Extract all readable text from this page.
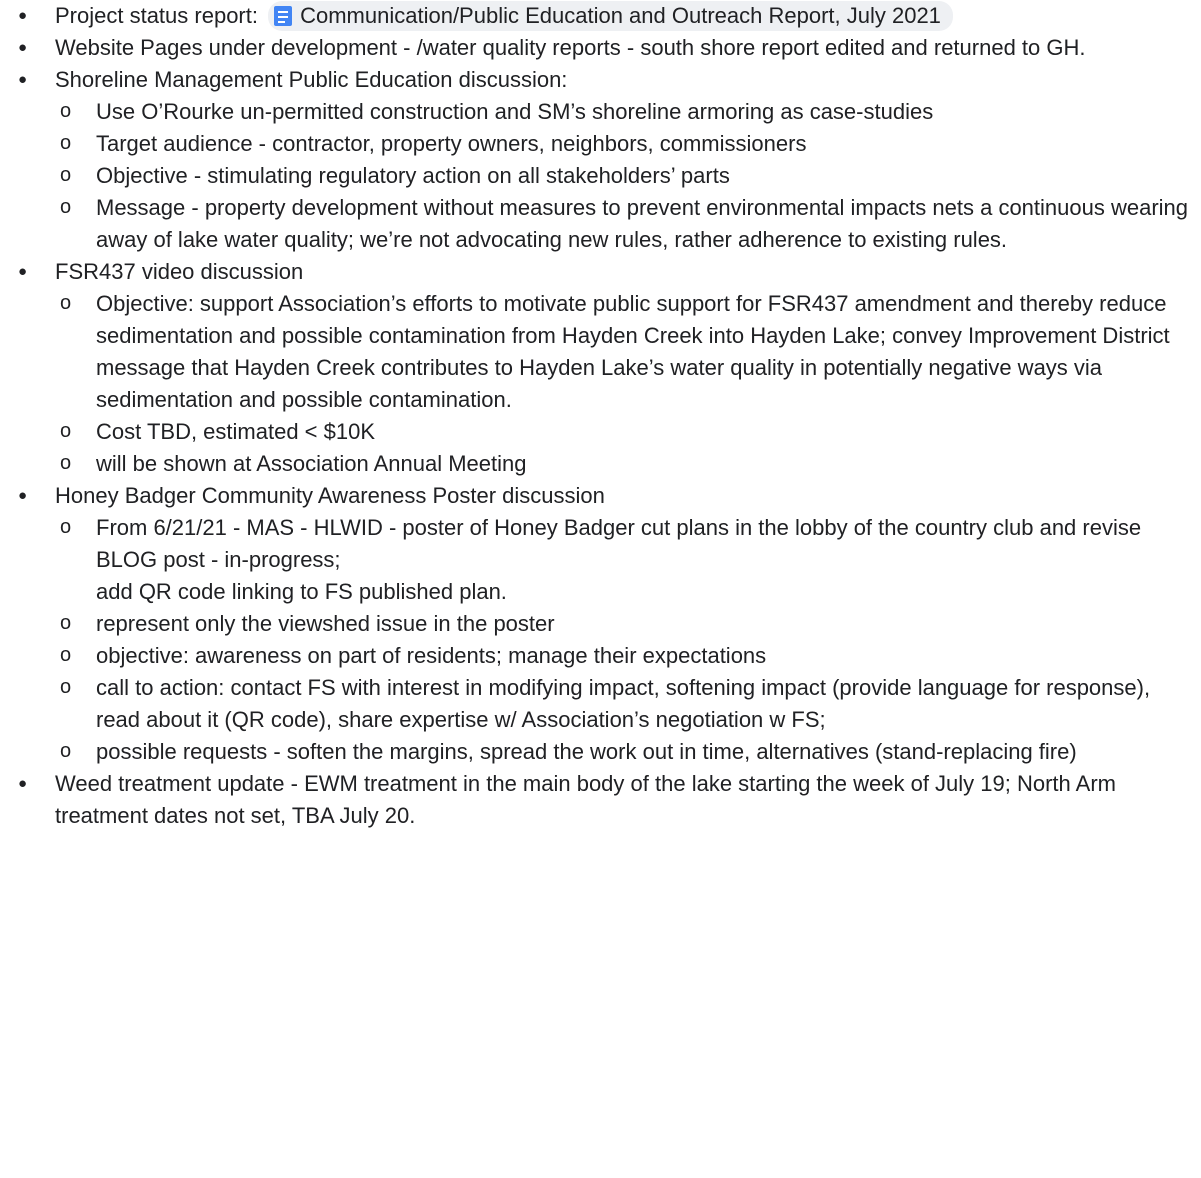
● Project status report: Communication/Public Education and Outreach Report, July 2021
● Website Pages under development - /water quality reports - south shore report edited and returned to GH.
● Shoreline Management Public Education discussion:
o Use O’Rourke un-permitted construction and SM’s shoreline armoring as case-studies
o Target audience - contractor, property owners, neighbors, commissioners
o Objective - stimulating regulatory action on all stakeholders’ parts
o Message - property development without measures to prevent environmental impacts nets a continuous wearing away of lake water quality; we’re not advocating new rules, rather adherence to existing rules.
● FSR437 video discussion
o Objective: support Association’s efforts to motivate public support for FSR437 amendment and thereby reduce sedimentation and possible contamination from Hayden Creek into Hayden Lake; convey Improvement District message that Hayden Creek contributes to Hayden Lake’s water quality in potentially negative ways via sedimentation and possible contamination.
o Cost TBD, estimated < $10K
o will be shown at Association Annual Meeting
● Honey Badger Community Awareness Poster discussion
o From 6/21/21 - MAS - HLWID - poster of Honey Badger cut plans in the lobby of the country club and revise BLOG post - in-progress;
add QR code linking to FS published plan.
o represent only the viewshed issue in the poster
o objective: awareness on part of residents; manage their expectations
o call to action: contact FS with interest in modifying impact, softening impact (provide language for response), read about it (QR code), share expertise w/ Association’s negotiation w FS;
o possible requests - soften the margins, spread the work out in time, alternatives (stand-replacing fire)
● Weed treatment update - EWM treatment in the main body of the lake starting the week of July 19; North Arm treatment dates not set, TBA July 20.
